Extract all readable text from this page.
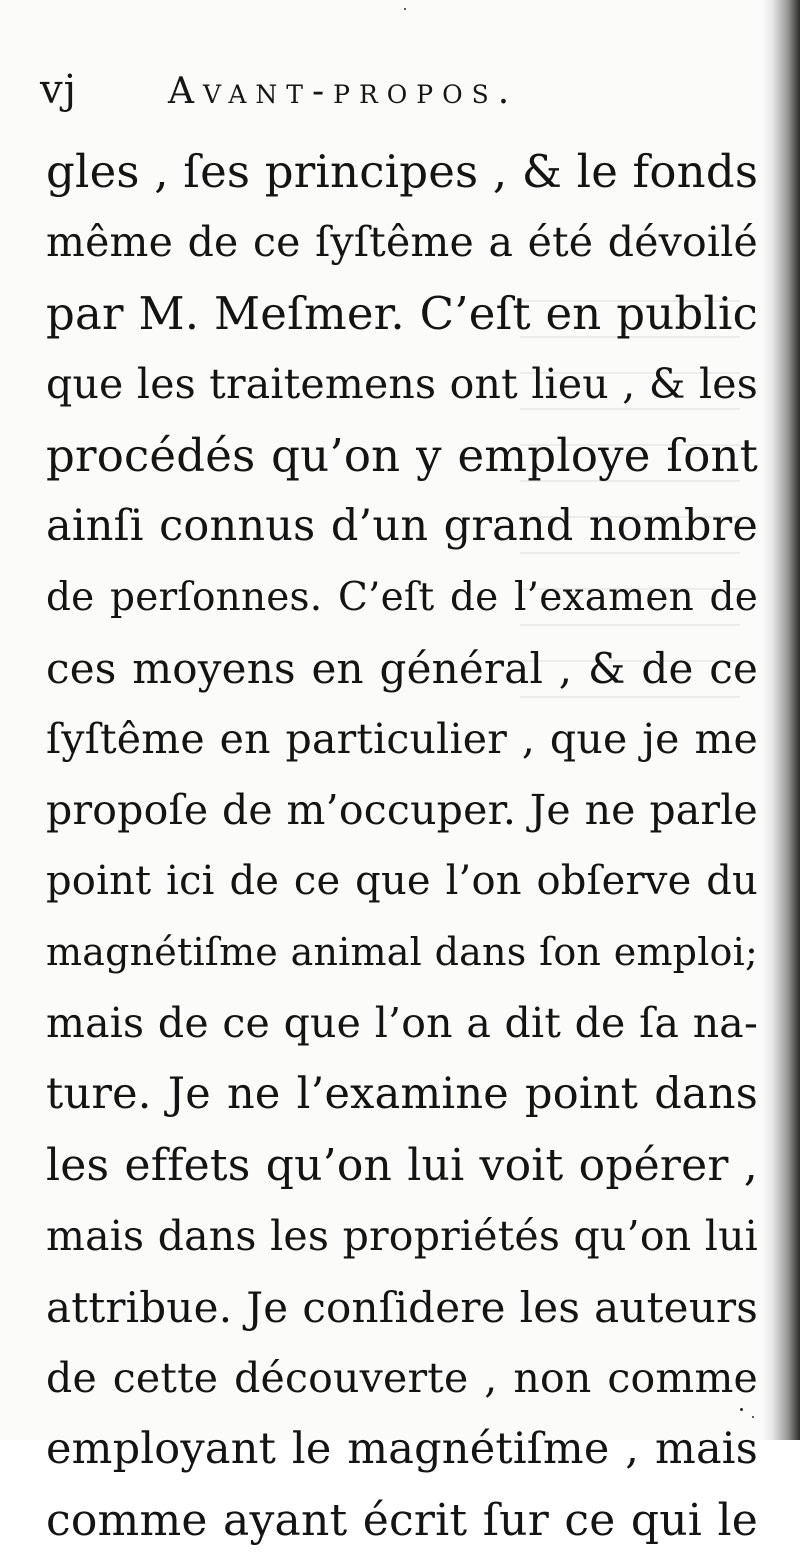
vj	Avant-propos.
gles , ſes principes , & le fonds
même de ce ſyſtême a été dévoilé
par M. Meſmer. C’eſt en public
que les traitemens ont lieu , & les
procédés qu’on y employe ſont
ainſi connus d’un grand nombre
de perſonnes. C’eſt de l’examen de
ces moyens en général , & de ce
ſyſtême en particulier , que je me
propoſe de m’occuper. Je ne parle
point ici de ce que l’on obſerve du
magnétiſme animal dans ſon emploi;
mais de ce que l’on a dit de ſa na-
ture. Je ne l’examine point dans
les effets qu’on lui voit opérer ,
mais dans les propriétés qu’on lui
attribue. Je conſidere les auteurs
de cette découverte , non comme
employant le magnétiſme , mais
comme ayant écrit ſur ce qui le
